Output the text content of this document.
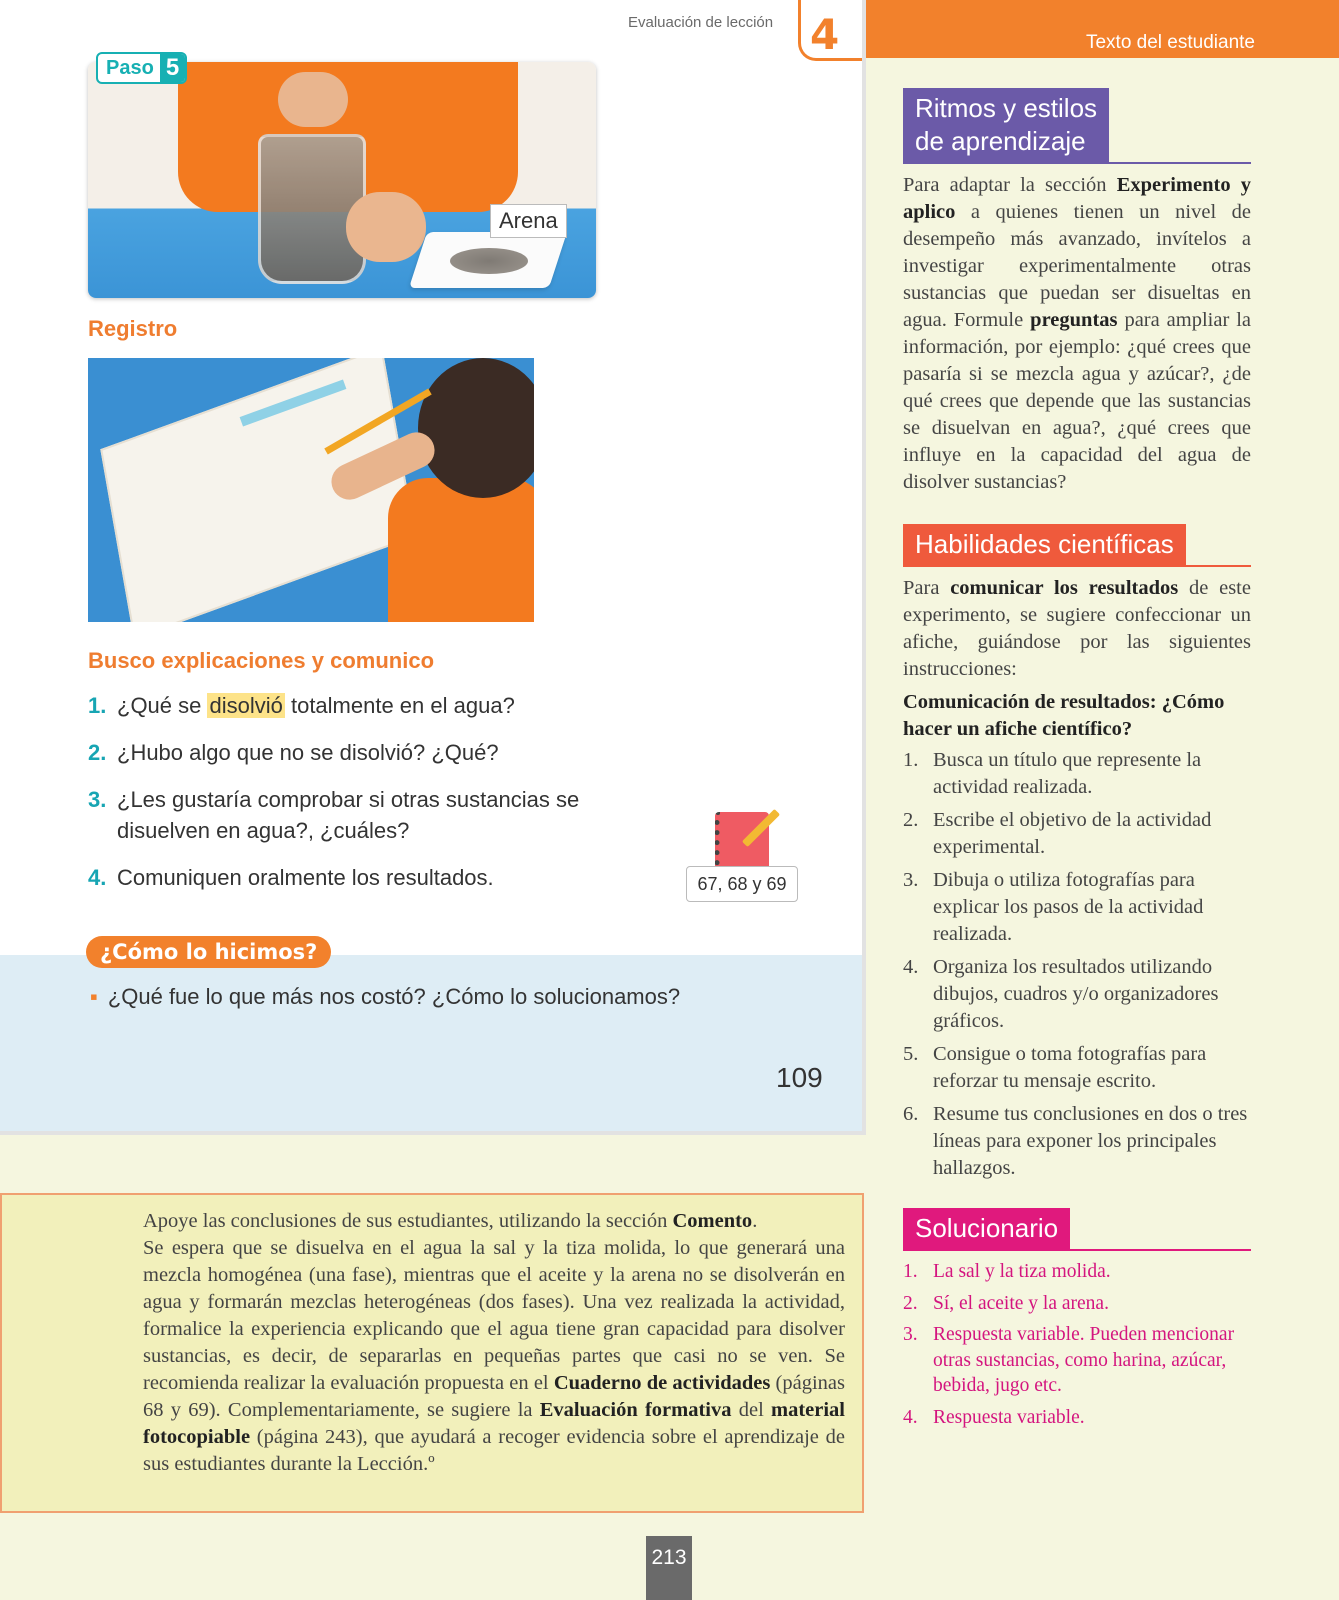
Evaluación de lección 4
Arena
Paso 5
Registro
Busco explicaciones y comunico
1. ¿Qué se disolvió totalmente en el agua?
2. ¿Hubo algo que no se disolvió? ¿Qué?
3. ¿Les gustaría comprobar si otras sustancias se disuelven en agua?, ¿cuáles?
4. Comuniquen oralmente los resultados.	67, 68 y 69
¿Cómo lo hicimos?
▪ ¿Qué fue lo que más nos costó? ¿Cómo lo solucionamos?
109
Texto del estudiante
Ritmos y estilos
de aprendizaje

Para adaptar la sección Experimento y aplico a quienes tienen un nivel de desempeño más avanzado, invítelos a investigar experimentalmente otras sustancias que puedan ser disueltas en agua. Formule preguntas para ampliar la información, por ejemplo: ¿qué crees que pasaría si se mezcla agua y azúcar?, ¿de qué crees que depende que las sustancias se disuelvan en agua?, ¿qué crees que influye en la capacidad del agua de disolver sustancias?

Habilidades científicas

Para comunicar los resultados de este experimento, se sugiere confeccionar un afiche, guiándose por las siguientes instrucciones:

Comunicación de resultados: ¿Cómo hacer un afiche científico?

1. Busca un título que represente la actividad realizada.
2. Escribe el objetivo de la actividad experimental.
3. Dibuja o utiliza fotografías para explicar los pasos de la actividad realizada.
4. Organiza los resultados utilizando dibujos, cuadros y/o organizadores gráficos.
5. Consigue o toma fotografías para reforzar tu mensaje escrito.
6. Resume tus conclusiones en dos o tres líneas para exponer los principales hallazgos.
Solucionario
1. La sal y la tiza molida.
2. Sí, el aceite y la arena.
3. Respuesta variable. Pueden mencionar otras sustancias, como harina, azúcar, bebida, jugo etc.
4. Respuesta variable.
Apoye las conclusiones de sus estudiantes, utilizando la sección Comento.
Se espera que se disuelva en el agua la sal y la tiza molida, lo que generará una mezcla homogénea (una fase), mientras que el aceite y la arena no se disolverán en agua y formarán mezclas heterogéneas (dos fases). Una vez realizada la actividad, formalice la experiencia explicando que el agua tiene gran capacidad para disolver sustancias, es decir, de separarlas en pequeñas partes que casi no se ven. Se recomienda realizar la evaluación propuesta en el Cuaderno de actividades (páginas 68 y 69). Complementariamente, se sugiere la Evaluación formativa del material fotocopiable (página 243), que ayudará a recoger evidencia sobre el aprendizaje de sus estudiantes durante la Lección.º
213
